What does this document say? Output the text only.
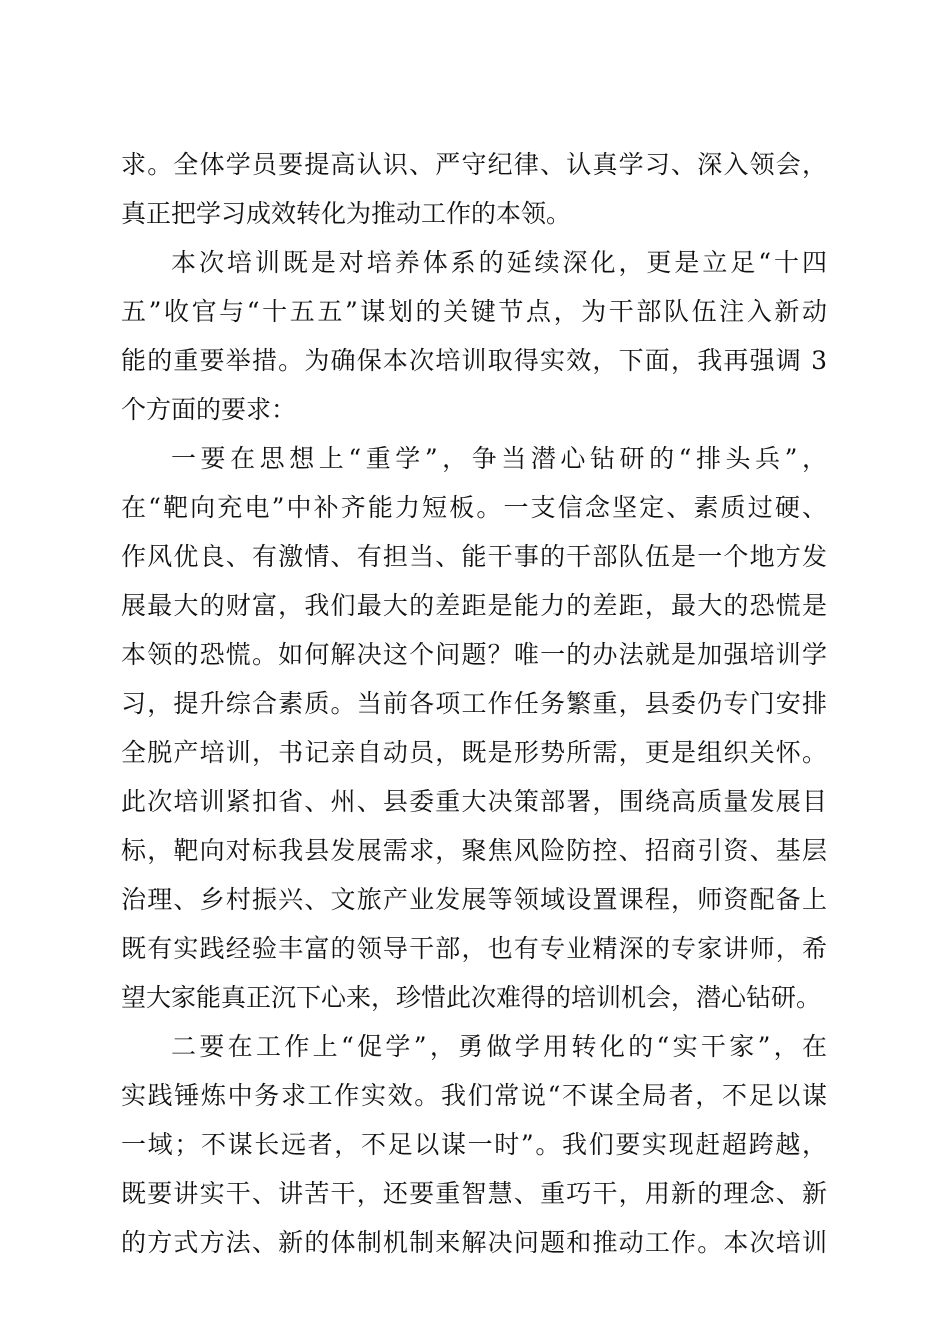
求。全体学员要提高认识、严守纪律、认真学习、深入领会，
真正把学习成效转化为推动工作的本领。
本次培训既是对培养体系的延续深化，更是立足“十四
五”收官与“十五五”谋划的关键节点，为干部队伍注入新动
能的重要举措。为确保本次培训取得实效，下面，我再强调 3
个方面的要求：
一要在思想上“重学”，争当潜心钻研的“排头兵”，
在“靶向充电”中补齐能力短板。一支信念坚定、素质过硬、
作风优良、有激情、有担当、能干事的干部队伍是一个地方发
展最大的财富，我们最大的差距是能力的差距，最大的恐慌是
本领的恐慌。如何解决这个问题？唯一的办法就是加强培训学
习，提升综合素质。当前各项工作任务繁重，县委仍专门安排
全脱产培训，书记亲自动员，既是形势所需，更是组织关怀。
此次培训紧扣省、州、县委重大决策部署，围绕高质量发展目
标，靶向对标我县发展需求，聚焦风险防控、招商引资、基层
治理、乡村振兴、文旅产业发展等领域设置课程，师资配备上
既有实践经验丰富的领导干部，也有专业精深的专家讲师，希
望大家能真正沉下心来，珍惜此次难得的培训机会，潜心钻研。
二要在工作上“促学”，勇做学用转化的“实干家”，在
实践锤炼中务求工作实效。我们常说“不谋全局者，不足以谋
一域；不谋长远者，不足以谋一时”。我们要实现赶超跨越，
既要讲实干、讲苦干，还要重智慧、重巧干，用新的理念、新
的方式方法、新的体制机制来解决问题和推动工作。本次培训
